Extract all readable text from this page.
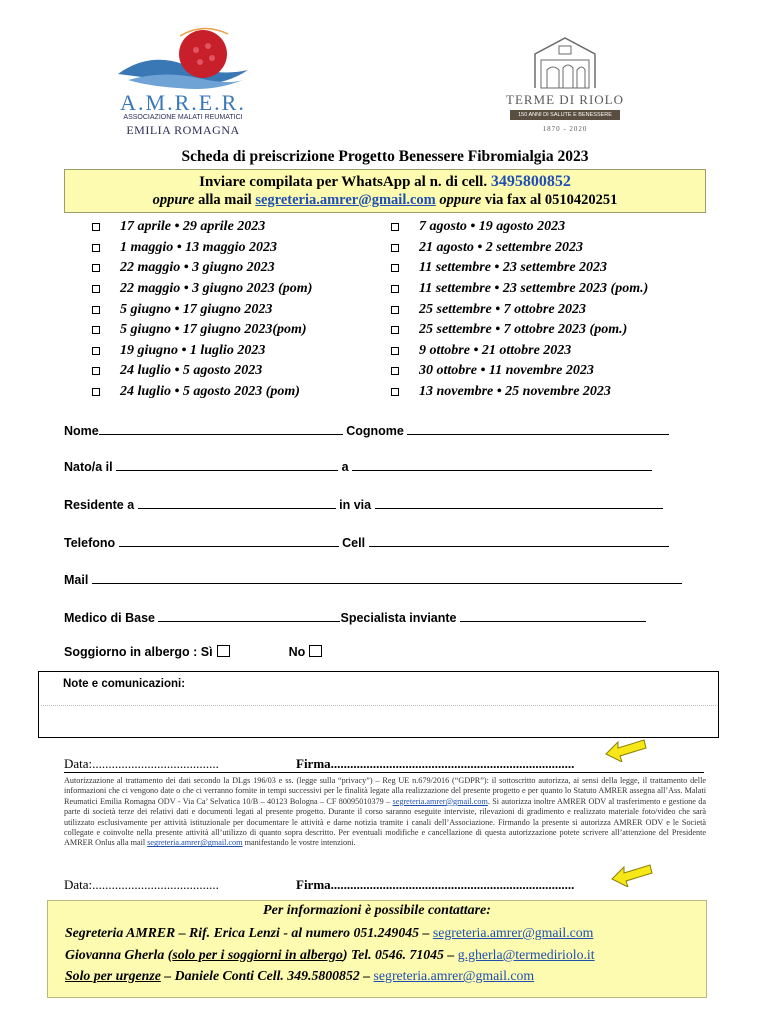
A.M.R.E.R.
ASSOCIAZIONE MALATI REUMATICI
EMILIA ROMAGNA
TERME DI RIOLO
150 ANNI DI SALUTE E BENESSERE
1870 - 2020
Scheda di preiscrizione Progetto Benessere Fibromialgia 2023
Inviare compilata per WhatsApp al n. di cell. 3495800852
oppure alla mail segreteria.amrer@gmail.com oppure via fax al 0510420251
17 aprile • 29 aprile 2023
1 maggio • 13 maggio 2023
22 maggio • 3 giugno 2023
22 maggio • 3 giugno 2023 (pom)
5 giugno • 17 giugno 2023
5 giugno • 17 giugno 2023(pom)
19 giugno • 1 luglio 2023
24 luglio • 5 agosto 2023
24 luglio • 5 agosto 2023 (pom)
7 agosto • 19 agosto 2023
21 agosto • 2 settembre 2023
11 settembre • 23 settembre 2023
11 settembre • 23 settembre 2023 (pom.)
25 settembre • 7 ottobre 2023
25 settembre • 7 ottobre 2023 (pom.)
9 ottobre • 21 ottobre 2023
30 ottobre • 11 novembre 2023
13 novembre • 25 novembre 2023
Nome	Cognome
Nato/a il	a
Residente a	in via
Telefono	Cell
Mail
Medico di Base	Specialista inviante
Soggiorno in albergo : Sì	No
Note e comunicazioni:
Data:.......................................	Firma...........................................................................
Autorizzazione al trattamento dei dati secondo la DLgs 196/03 e ss. (legge sulla “privacy”) – Reg UE n.679/2016 (“GDPR”): il sottoscritto autorizza, ai sensi della legge, il trattamento delle informazioni che ci vengono date o che ci verranno fornite in tempi successivi per le finalità legate alla realizzazione del presente progetto e per quanto lo Statuto AMRER assegna all’Ass. Malati Reumatici Emilia Romagna ODV - Via Ca’ Selvatica 10/B – 40123 Bologna – CF 80095010379 – segreteria.amrer@gmail.com. Si autorizza inoltre AMRER ODV al trasferimento e gestione da parte di società terze dei relativi dati e documenti legati al presente progetto. Durante il corso saranno eseguite interviste, rilevazioni di gradimento e realizzato materiale foto/video che sarà utilizzato esclusivamente per attività istituzionale per documentare le attività e darne notizia tramite i canali dell’Associazione. Firmando la presente si autorizza AMRER ODV e le Società collegate e coinvolte nella presente attività all’utilizzo di quanto sopra descritto. Per eventuali modifiche e cancellazione di questa autorizzazione potete scrivere all’attenzione del Presidente AMRER Onlus alla mail segreteria.amrer@gmail.com manifestando le vostre intenzioni.
Data:.......................................	Firma...........................................................................
Per informazioni è possibile contattare:
Segreteria AMRER – Rif. Erica Lenzi - al numero 051.249045 – segreteria.amrer@gmail.com
Giovanna Gherla (solo per i soggiorni in albergo) Tel. 0546. 71045 – g.gherla@termediriolo.it
Solo per urgenze – Daniele Conti Cell. 349.5800852 – segreteria.amrer@gmail.com
